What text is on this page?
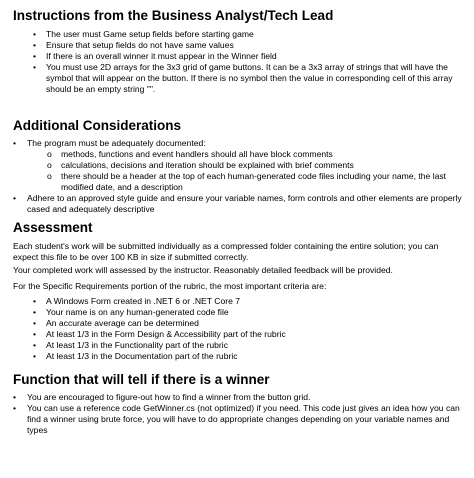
Instructions from the Business Analyst/Tech Lead
•	The user must Game setup fields before starting game
•	Ensure that setup fields do not have same values
•	If there is an overall winner it must appear in the Winner field
•	You must use 2D arrays for the 3x3 grid of game buttons. It can be a 3x3 array of strings that will have the symbol that will appear on the button. If there is no symbol then the value in corresponding cell of this array should be an empty string "".
Additional Considerations
•	The program must be adequately documented:
o	methods, functions and event handlers should all have block comments
o	calculations, decisions and iteration should be explained with brief comments
o	there should be a header at the top of each human-generated code files including your name, the last modified date, and a description
•	Adhere to an approved style guide and ensure your variable names, form controls and other elements are properly cased and adequately descriptive
Assessment

Each student's work will be submitted individually as a compressed folder containing the entire solution; you can expect this file to be over 100 KB in size if submitted correctly.

Your completed work will assessed by the instructor. Reasonably detailed feedback will be provided.

For the Specific Requirements portion of the rubric, the most important criteria are:

•	A Windows Form created in .NET 6 or .NET Core 7
•	Your name is on any human-generated code file
•	An accurate average can be determined
•	At least 1/3 in the Form Design & Accessibility part of the rubric
•	At least 1/3 in the Functionality part of the rubric
•	At least 1/3 in the Documentation part of the rubric
Function that will tell if there is a winner
•	You are encouraged to figure-out how to find a winner from the button grid.
•	You can use a reference code GetWinner.cs (not optimized) if you need. This code just gives an idea how you can find a winner using brute force, you will have to do appropriate changes depending on your variable names and types
